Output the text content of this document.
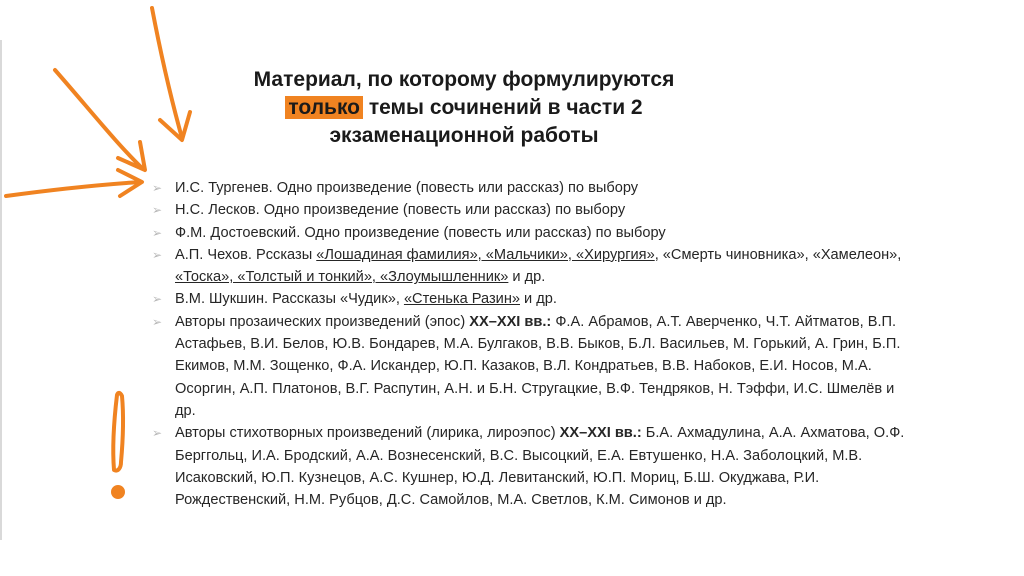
Материал, по которому формулируются
только темы сочинений в части 2
экзаменационной работы
➢ И.С. Тургенев. Одно произведение (повесть или рассказ) по выбору
➢ Н.С. Лесков. Одно произведение (повесть или рассказ) по выбору
➢ Ф.М. Достоевский. Одно произведение (повесть или рассказ) по выбору
➢ А.П. Чехов. Рссказы «Лошадиная фамилия», «Мальчики», «Хирургия», «Смерть чиновника», «Хамелеон», «Тоска», «Толстый и тонкий», «Злоумышленник» и др.
➢ В.М. Шукшин. Рассказы «Чудик», «Стенька Разин» и др.
➢ Авторы прозаических произведений (эпос) XX–XXI вв.: Ф.А. Абрамов, А.Т. Аверченко, Ч.Т. Айтматов, В.П. Астафьев, В.И. Белов, Ю.В. Бондарев, М.А. Булгаков, В.В. Быков, Б.Л. Васильев, М. Горький, А. Грин, Б.П. Екимов, М.М. Зощенко, Ф.А. Искандер, Ю.П. Казаков, В.Л. Кондратьев, В.В. Набоков, Е.И. Носов, М.А. Осоргин, А.П. Платонов, В.Г. Распутин, А.Н. и Б.Н. Стругацкие, В.Ф. Тендряков, Н. Тэффи, И.С. Шмелёв и др.
➢ Авторы стихотворных произведений (лирика, лироэпос) XX–XXI вв.: Б.А. Ахмадулина, А.А. Ахматова, О.Ф. Берггольц, И.А. Бродский, А.А. Вознесенский, В.С. Высоцкий, Е.А. Евтушенко, Н.А. Заболоцкий, М.В. Исаковский, Ю.П. Кузнецов, А.С. Кушнер, Ю.Д. Левитанский, Ю.П. Мориц, Б.Ш. Окуджава, Р.И. Рождественский, Н.М. Рубцов, Д.С. Самойлов, М.А. Светлов, К.М. Симонов и др.
